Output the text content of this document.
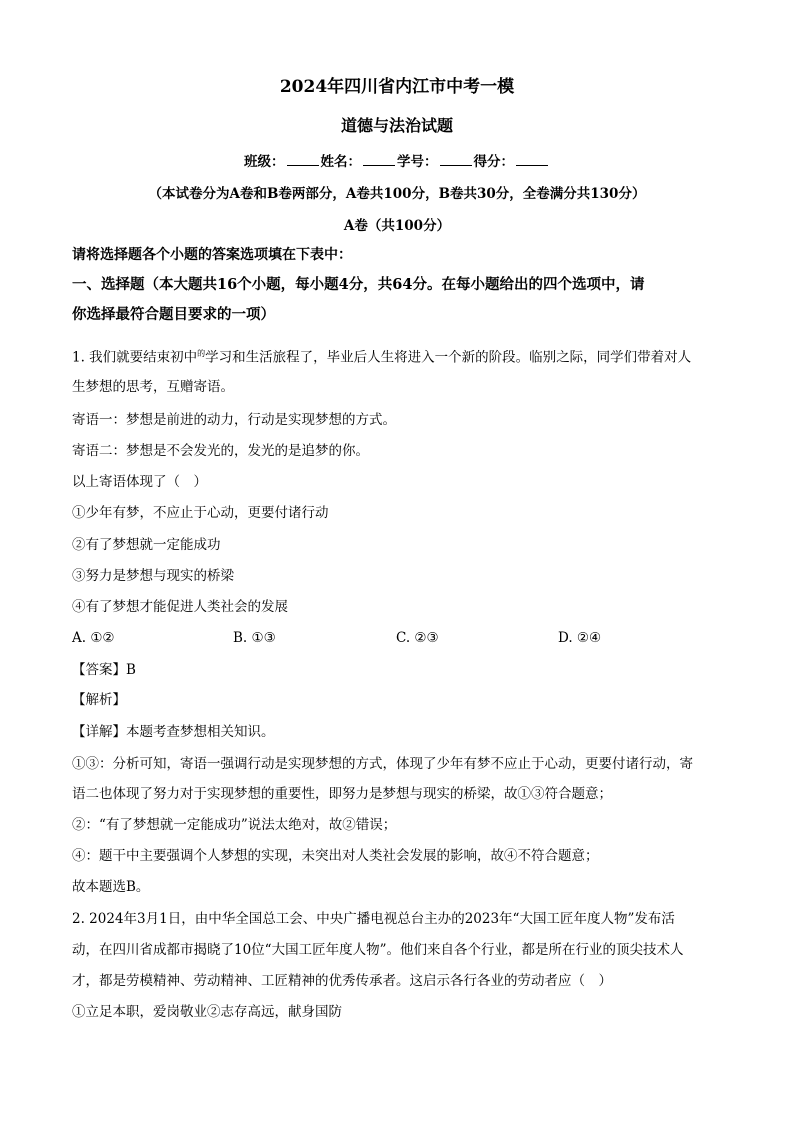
2024年四川省内江市中考一模
道德与法治试题
班级：	姓名：	学号：	得分：
（本试卷分为A卷和B卷两部分，A卷共100分，B卷共30分，全卷满分共130分）
A卷（共100分）
请将选择题各个小题的答案选项填在下表中：
一、选择题（本大题共16个小题，每小题4分，共64分。在每小题给出的四个选项中，请
你选择最符合题目要求的一项）
1. 我们就要结束初中$^的$学习和生活旅程了，毕业后人生将进入一个新的阶段。临别之际，同学们带着对人
生梦想的思考，互赠寄语。
寄语一：梦想是前进的动力，行动是实现梦想的方式。
寄语二：梦想是不会发光的，发光的是追梦的你。
以上寄语体现了（　）
①少年有梦，不应止于心动，更要付诸行动
②有了梦想就一定能成功
③努力是梦想与现实的桥梁
④有了梦想才能促进人类社会的发展
A. ①②	B. ①③	C. ②③	D. ②④
【答案】B
【解析】
【详解】本题考查梦想相关知识。
①③：分析可知，寄语一强调行动是实现梦想的方式，体现了少年有梦不应止于心动，更要付诸行动，寄
语二也体现了努力对于实现梦想的重要性，即努力是梦想与现实的桥梁，故①③符合题意；
②：“有了梦想就一定能成功”说法太绝对，故②错误；
④：题干中主要强调个人梦想的实现，未突出对人类社会发展的影响，故④不符合题意；
故本题选B。
2. 2024年3月1日，由中华全国总工会、中央广播电视总台主办的2023年“大国工匠年度人物”发布活
动，在四川省成都市揭晓了10位“大国工匠年度人物”。他们来自各个行业，都是所在行业的顶尖技术人
才，都是劳模精神、劳动精神、工匠精神的优秀传承者。这启示各行各业的劳动者应（　）
①立足本职，爱岗敬业②志存高远，献身国防
